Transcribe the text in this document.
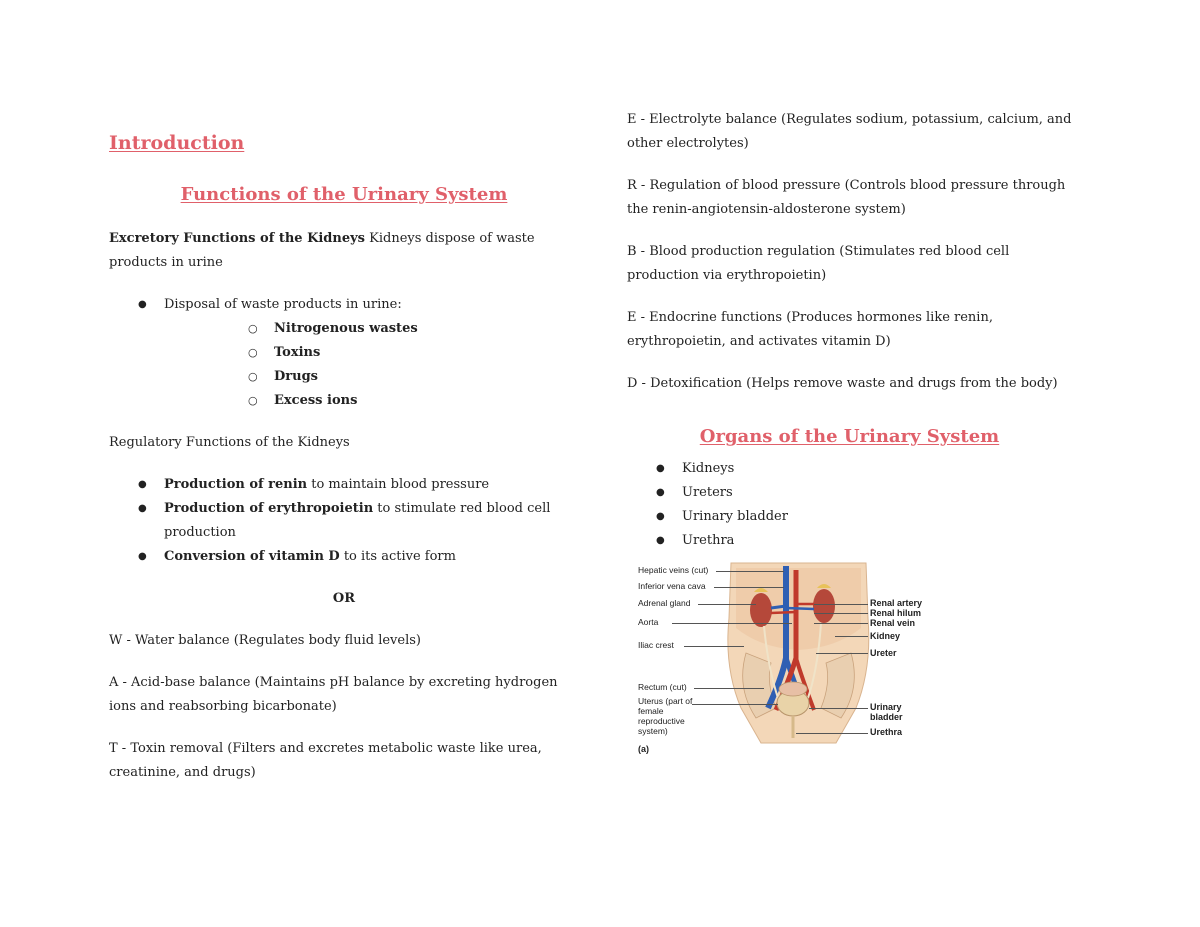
Introduction
Functions of the Urinary System

Excretory Functions of the Kidneys Kidneys dispose of waste products in urine

● Disposal of waste products in urine:
○ Nitrogenous wastes
○ Toxins
○ Drugs
○ Excess ions

Regulatory Functions of the Kidneys

● Production of renin to maintain blood pressure
● Production of erythropoietin to stimulate red blood cell production
● Conversion of vitamin D to its active form

OR

W - Water balance (Regulates body fluid levels)

A - Acid-base balance (Maintains pH balance by excreting hydrogen ions and reabsorbing bicarbonate)

T - Toxin removal (Filters and excretes metabolic waste like urea, creatinine, and drugs)

E - Electrolyte balance (Regulates sodium, potassium, calcium, and other electrolytes)

R - Regulation of blood pressure (Controls blood pressure through the renin-angiotensin-aldosterone system)

B - Blood production regulation (Stimulates red blood cell production via erythropoietin)

E - Endocrine functions (Produces hormones like renin, erythropoietin, and activates vitamin D)

D - Detoxification (Helps remove waste and drugs from the body)

Organs of the Urinary System
● Kidneys
● Ureters
● Urinary bladder
● Urethra
Hepatic veins (cut)
Inferior vena cava
Adrenal gland
Aorta
Iliac crest
Rectum (cut)
Uterus (part of female reproductive system)
(a)
Renal artery
Renal hilum
Renal vein
Kidney
Ureter
Urinary bladder
Urethra
